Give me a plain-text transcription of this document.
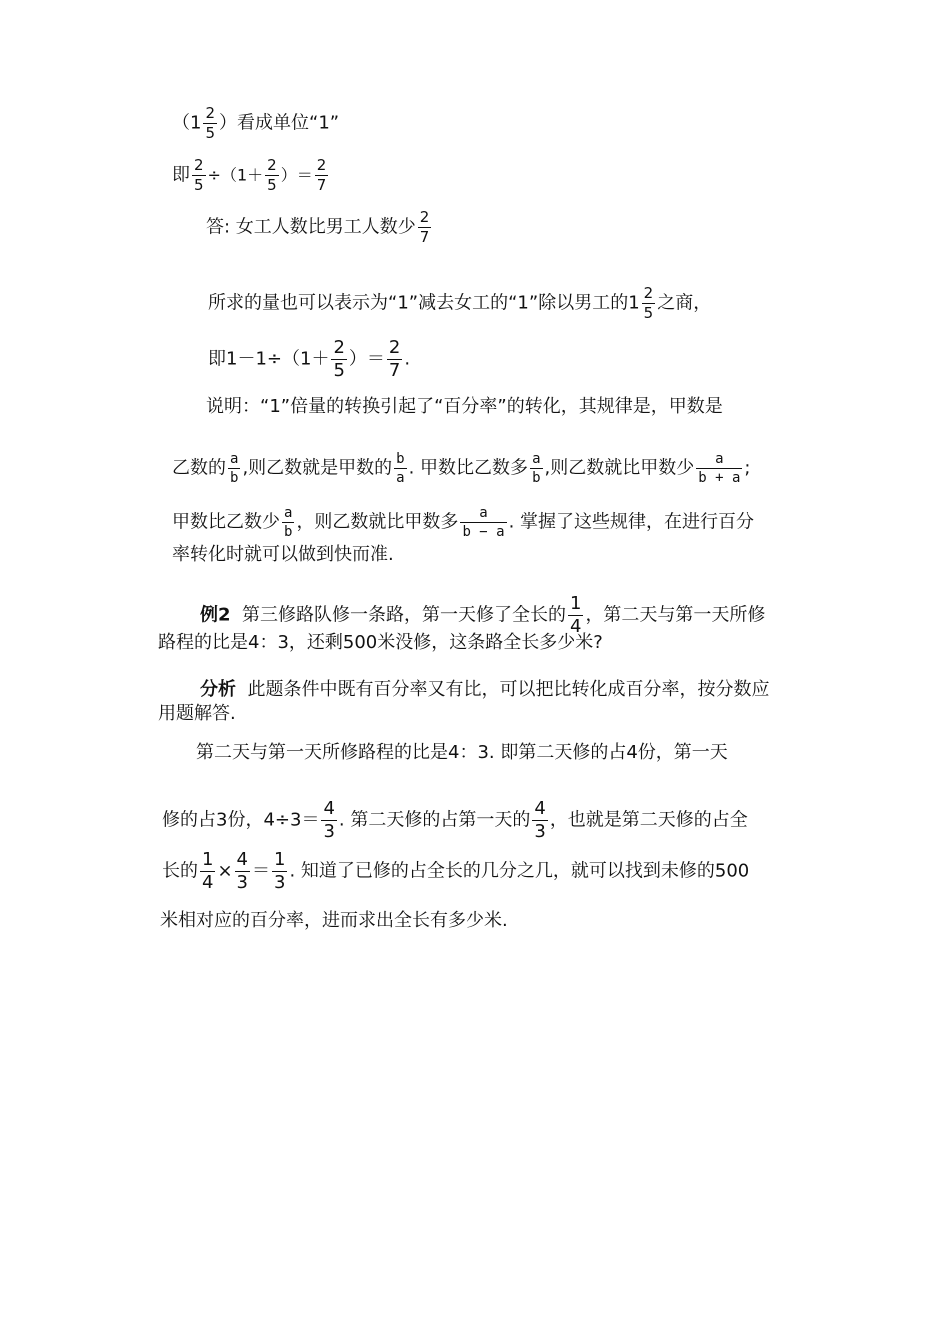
（$1 \frac{2}{5}$ ）看成单位“1”
即 $\frac{2}{5} \div(1+ \frac{2}{5}$ ）＝ $\frac{2}{7}$
答: 女工人数比男工人数少 $\frac{2}{7}$
所求的量也可以表示为“1”减去女工的“1”除以男工的$1 \frac{2}{5}$ 之商，
即$1-1\div(1+ \frac{2}{5}$ ）＝ $\frac{2}{7}$ .
说明：“1”倍量的转换引起了“百分率”的转化，其规律是，甲数是
乙数的 $\frac{a}{b}$ ,则乙数就是甲数的 $\frac{b}{a}$ . 甲数比乙数多 $\frac{a}{b}$ ,则乙数就比甲数少 $\frac{a}{b + a}$ ;
甲数比乙数少 $\frac{a}{b}$ ，则乙数就比甲数多 $\frac{a}{b - a}$ . 掌握了这些规律，在进行百分
率转化时就可以做到快而准.
例2 第三修路队修一条路，第一天修了全长的 $\frac{1}{4}$ ，第二天与第一天所修
路程的比是4：3，还剩500米没修，这条路全长多少米?
分析 此题条件中既有百分率又有比，可以把比转化成百分率，按分数应
用题解答.
第二天与第一天所修路程的比是4：3. 即第二天修的占4份，第一天
修的占3份，$4\div 3= \frac{4}{3}$ . 第二天修的占第一天的 $\frac{4}{3}$ ，也就是第二天修的占全
长的 $\frac{1}{4} \times \frac{4}{3} = \frac{1}{3}$ . 知道了已修的占全长的几分之几，就可以找到未修的500
米相对应的百分率，进而求出全长有多少米.
